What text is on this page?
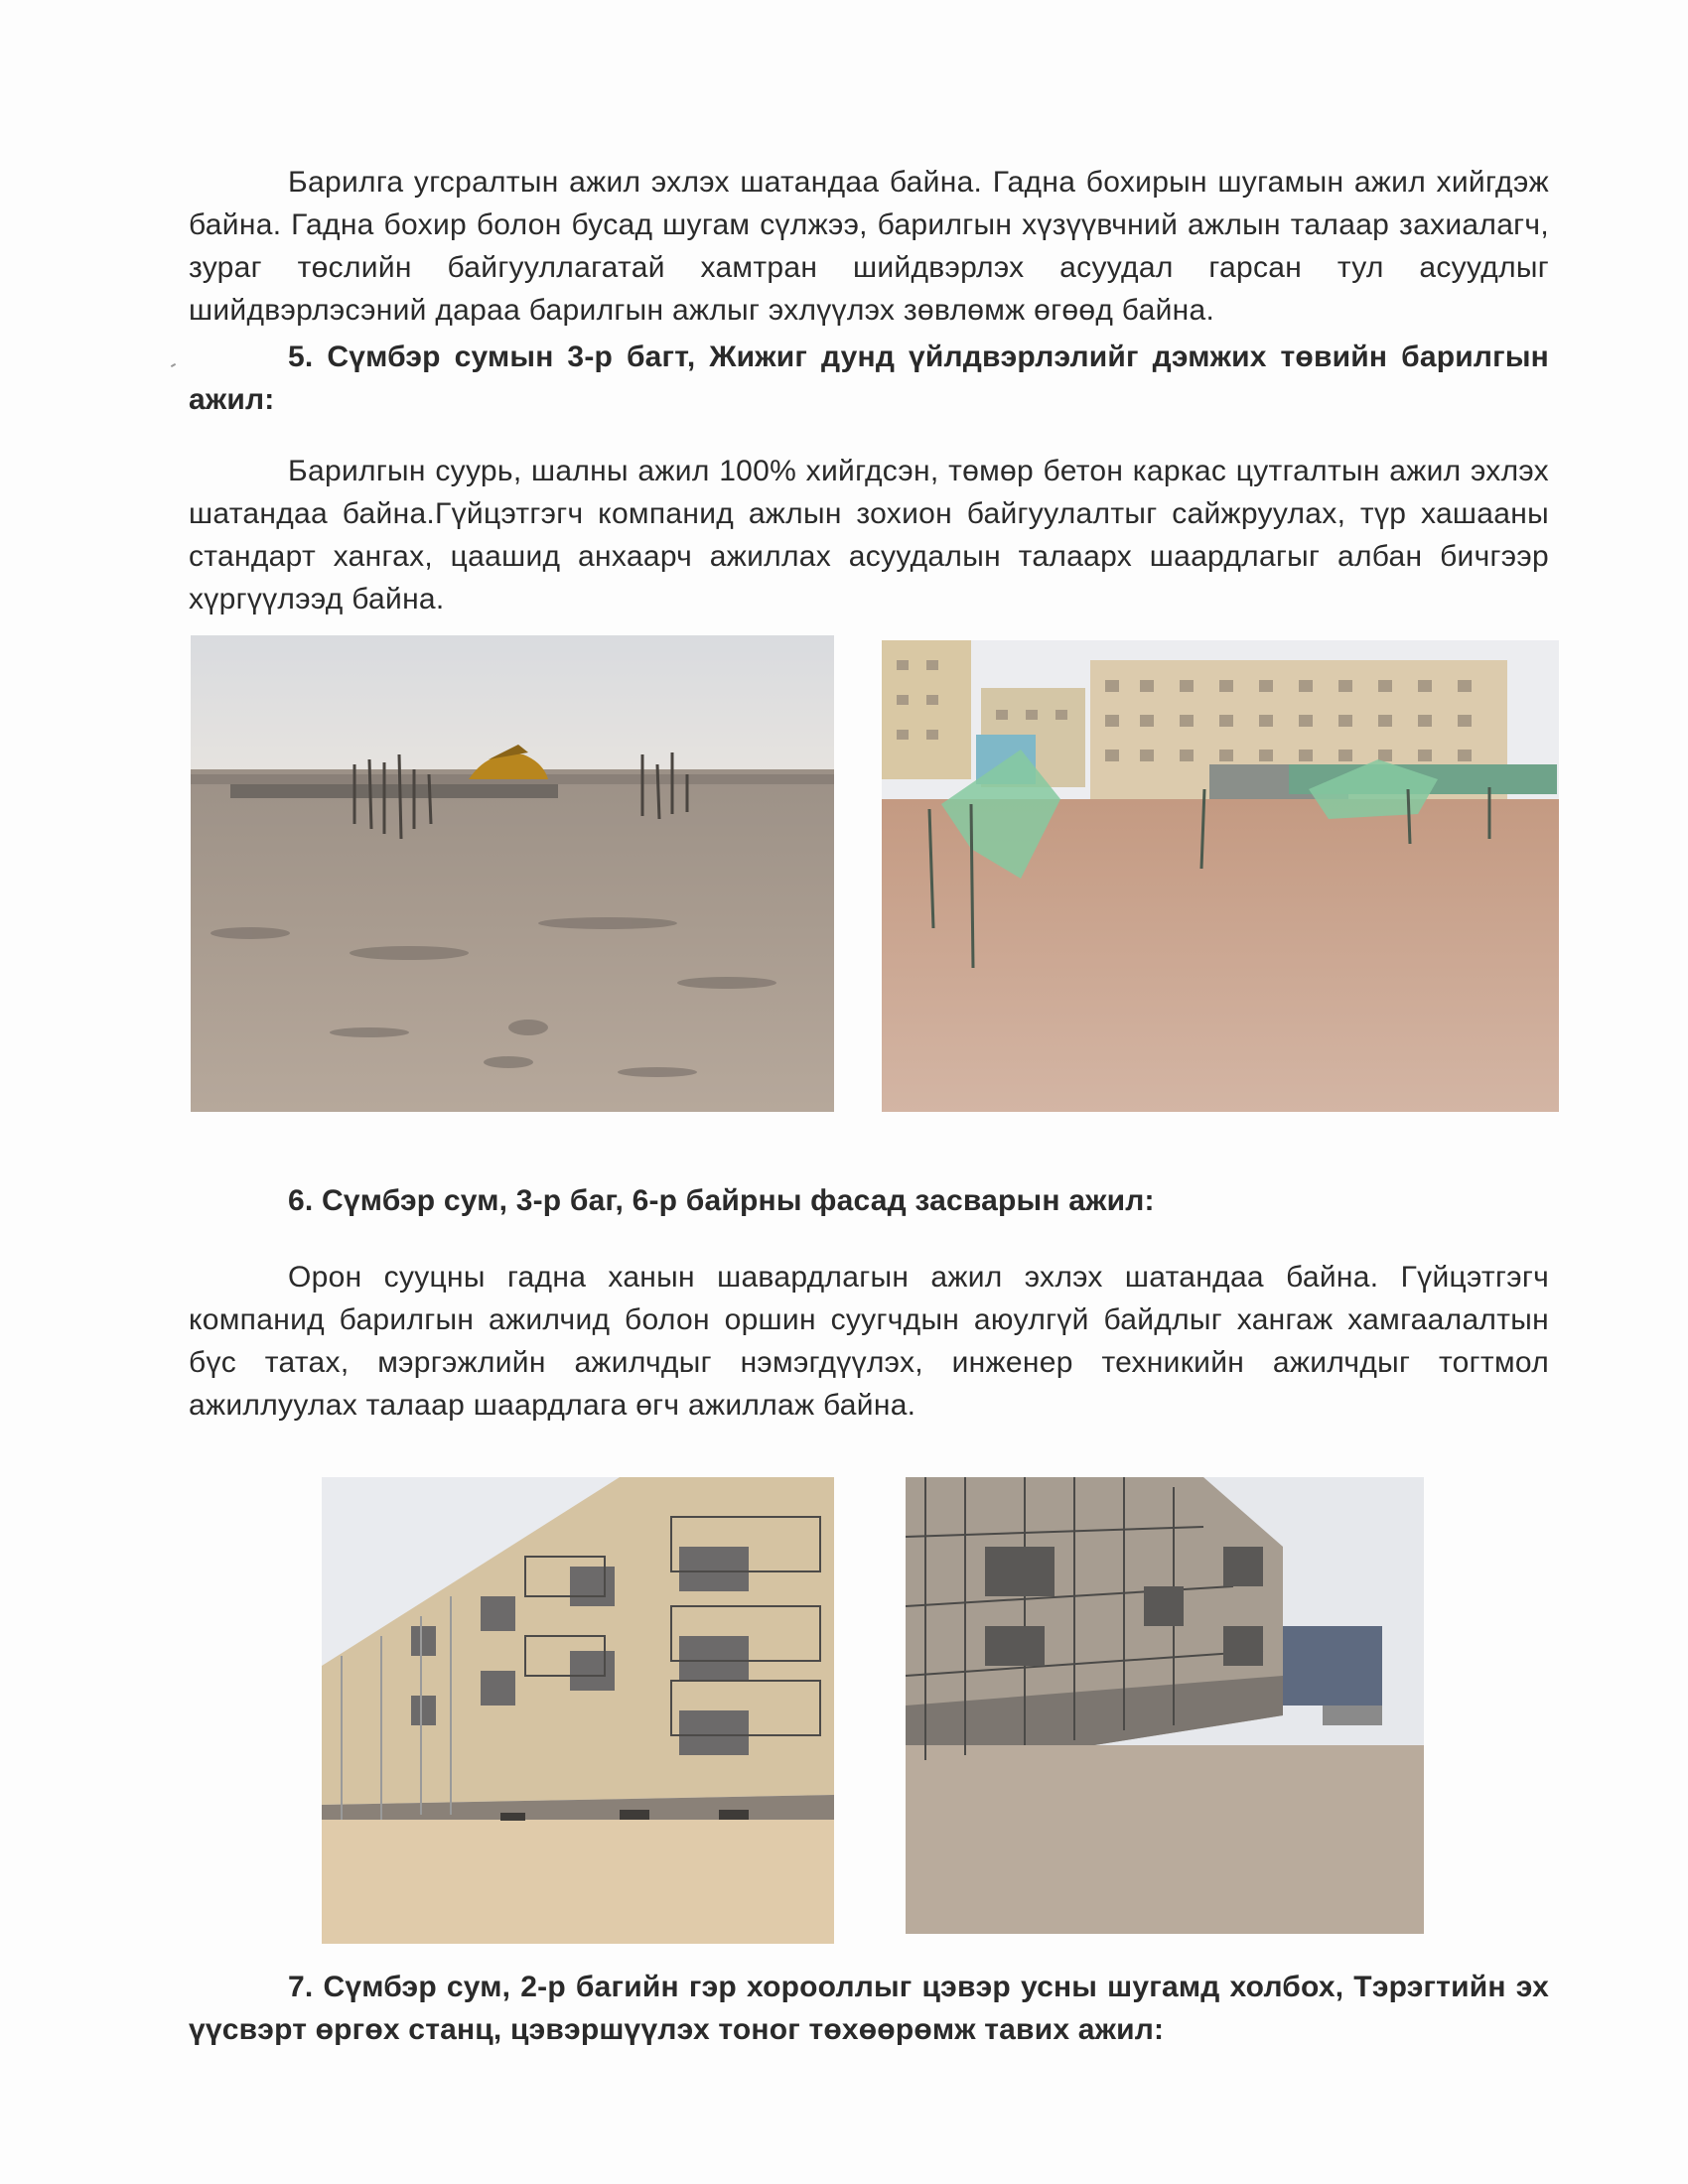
Барилга угсралтын ажил эхлэх шатандаа байна. Гадна бохирын шугамын ажил хийгдэж байна. Гадна бохир болон бусад шугам сүлжээ, барилгын хүзүүвчний ажлын талаар захиалагч, зураг төслийн байгууллагатай хамтран шийдвэрлэх асуудал гарсан тул асуудлыг шийдвэрлэсэний дараа барилгын ажлыг эхлүүлэх зөвлөмж өгөөд байна.

5. Сүмбэр сумын 3-р багт, Жижиг дунд үйлдвэрлэлийг дэмжих төвийн барилгын ажил:

Барилгын суурь, шалны ажил 100% хийгдсэн, төмөр бетон каркас цутгалтын ажил эхлэх шатандаа байна.Гүйцэтгэгч компанид ажлын зохион байгуулалтыг сайжруулах, түр хашааны стандарт хангах, цаашид анхаарч ажиллах асуудалын талаарх шаардлагыг албан бичгээр хүргүүлээд байна.

6. Сүмбэр сум, 3-р баг, 6-р байрны фасад засварын ажил:

Орон сууцны гадна ханын шавардлагын ажил эхлэх шатандаа байна. Гүйцэтгэгч компанид барилгын ажилчид болон оршин суугчдын аюулгүй байдлыг хангаж хамгаалалтын бүс татах, мэргэжлийн ажилчдыг нэмэгдүүлэх, инженер техникийн ажилчдыг тогтмол ажиллуулах талаар шаардлага өгч ажиллаж байна.

7. Сүмбэр сум, 2-р багийн гэр хорооллыг цэвэр усны шугамд холбох, Тэрэгтийн эх үүсвэрт өргөх станц, цэвэршүүлэх тоног төхөөрөмж тавих ажил:
